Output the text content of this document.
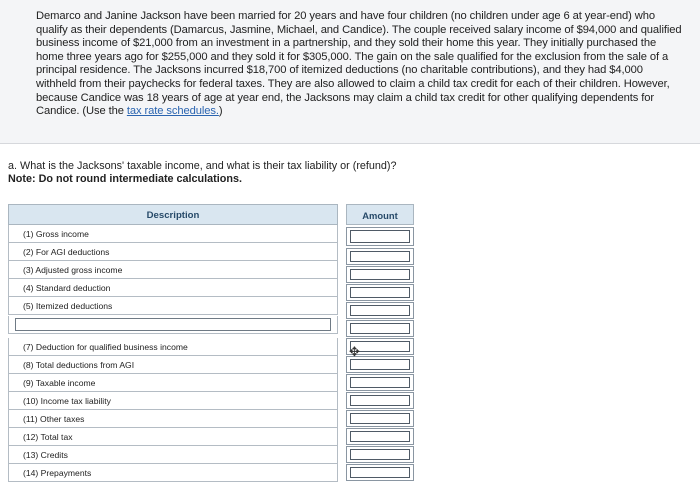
Demarco and Janine Jackson have been married for 20 years and have four children (no children under age 6 at year-end) who qualify as their dependents (Damarcus, Jasmine, Michael, and Candice). The couple received salary income of $94,000 and qualified business income of $21,000 from an investment in a partnership, and they sold their home this year. They initially purchased the home three years ago for $255,000 and they sold it for $305,000. The gain on the sale qualified for the exclusion from the sale of a principal residence. The Jacksons incurred $18,700 of itemized deductions (no charitable contributions), and they had $4,000 withheld from their paychecks for federal taxes. They are also allowed to claim a child tax credit for each of their children. However, because Candice was 18 years of age at year end, the Jacksons may claim a child tax credit for other qualifying dependents for Candice. (Use the tax rate schedules.)

a. What is the Jacksons' taxable income, and what is their tax liability or (refund)?
Note: Do not round intermediate calculations.
Description	Amount
(1) Gross income
(2) For AGI deductions
(3) Adjusted gross income
(4) Standard deduction
(5) Itemized deductions
(7) Deduction for qualified business income
(8) Total deductions from AGI
(9) Taxable income
(10) Income tax liability
(11) Other taxes
(12) Total tax
(13) Credits
(14) Prepayments
✥
